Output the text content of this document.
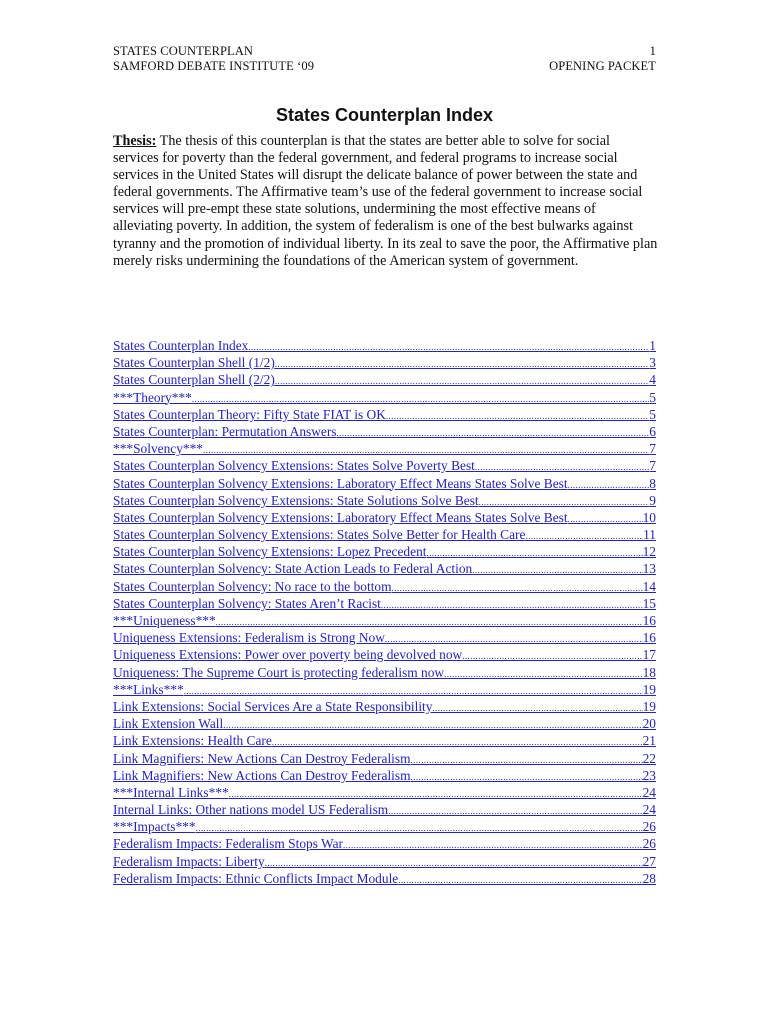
STATES COUNTERPLAN	1
SAMFORD DEBATE INSTITUTE ‘09	OPENING PACKET
States Counterplan Index
Thesis: The thesis of this counterplan is that the states are better able to solve for social services for poverty than the federal government, and federal programs to increase social services in the United States will disrupt the delicate balance of power between the state and federal governments. The Affirmative team’s use of the federal government to increase social services will pre-empt these state solutions, undermining the most effective means of alleviating poverty. In addition, the system of federalism is one of the best bulwarks against tyranny and the promotion of individual liberty. In its zeal to save the poor, the Affirmative plan merely risks undermining the foundations of the American system of government.
States Counterplan Index .....	1
States Counterplan Shell (1/2) .....	3
States Counterplan Shell (2/2) .....	4
***Theory*** .....	5
States Counterplan Theory: Fifty State FIAT is OK .....	5
States Counterplan: Permutation Answers .....	6
***Solvency*** .....	7
States Counterplan Solvency Extensions: States Solve Poverty Best .....	7
States Counterplan Solvency Extensions: Laboratory Effect Means States Solve Best .....	8
States Counterplan Solvency Extensions: State Solutions Solve Best .....	9
States Counterplan Solvency Extensions: Laboratory Effect Means States Solve Best .....	10
States Counterplan Solvency Extensions: States Solve Better for Health Care .....	11
States Counterplan Solvency Extensions: Lopez Precedent .....	12
States Counterplan Solvency: State Action Leads to Federal Action .....	13
States Counterplan Solvency: No race to the bottom .....	14
States Counterplan Solvency: States Aren’t Racist .....	15
***Uniqueness*** .....	16
Uniqueness Extensions: Federalism is Strong Now .....	16
Uniqueness Extensions: Power over poverty being devolved now .....	17
Uniqueness: The Supreme Court is protecting federalism now .....	18
***Links*** .....	19
Link Extensions: Social Services Are a State Responsibility .....	19
Link Extension Wall .....	20
Link Extensions: Health Care .....	21
Link Magnifiers: New Actions Can Destroy Federalism .....	22
Link Magnifiers: New Actions Can Destroy Federalism .....	23
***Internal Links*** .....	24
Internal Links: Other nations model US Federalism .....	24
***Impacts*** .....	26
Federalism Impacts: Federalism Stops War .....	26
Federalism Impacts: Liberty .....	27
Federalism Impacts: Ethnic Conflicts Impact Module .....	28
